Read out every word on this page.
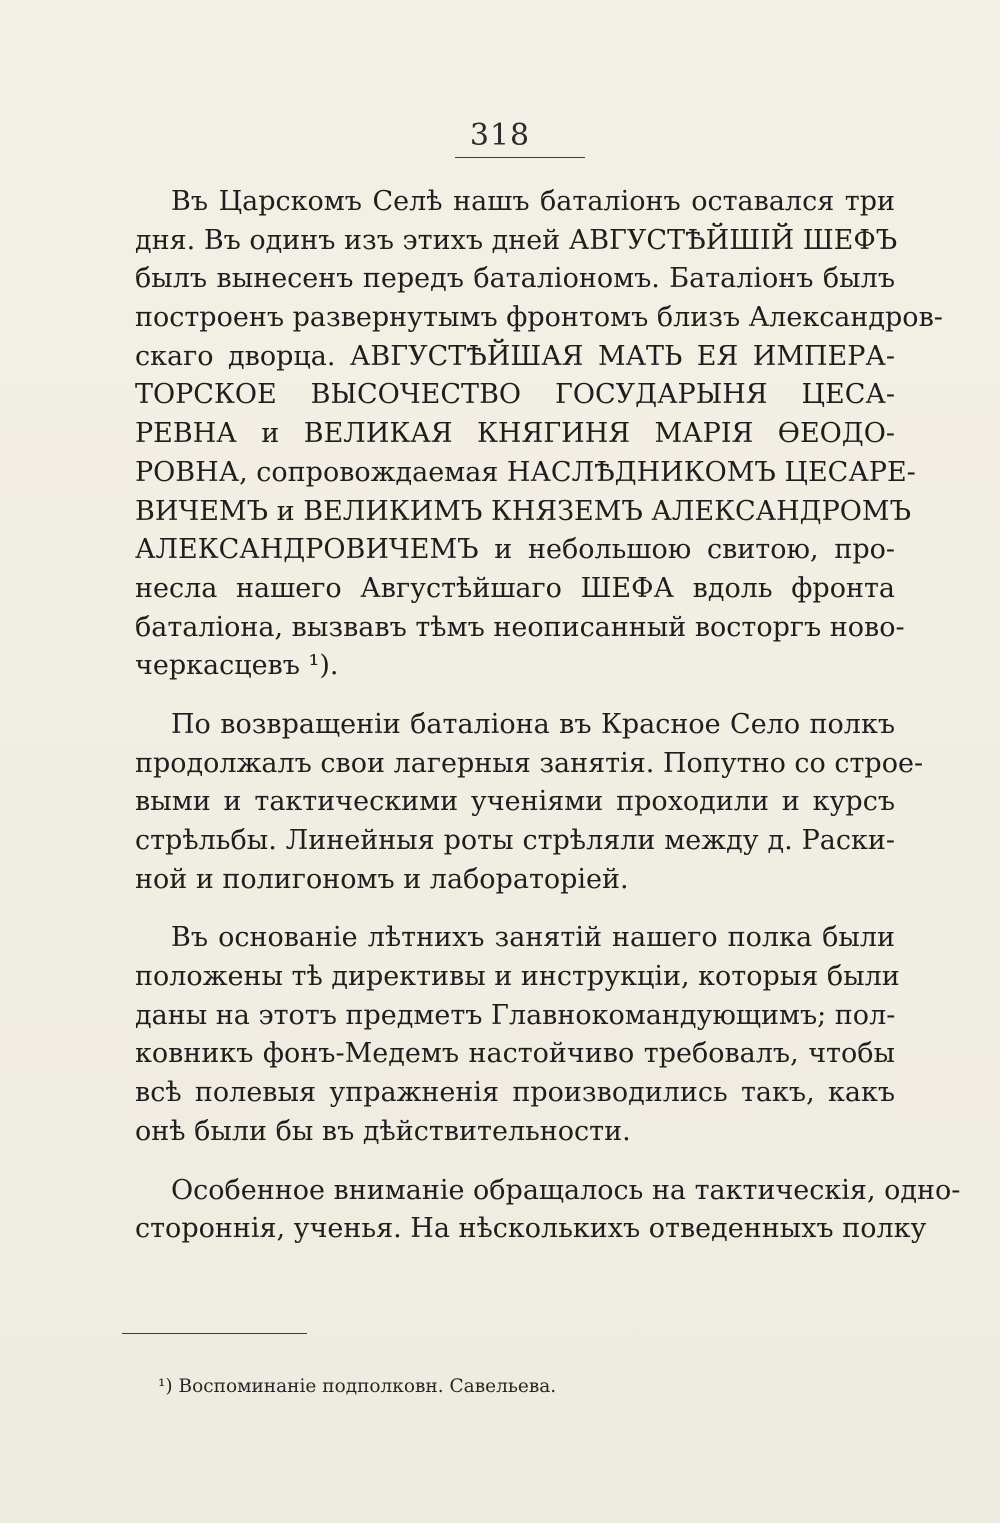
318
Въ Царскомъ Селѣ нашъ баталіонъ оставался три
дня. Въ одинъ изъ этихъ дней АВГУСТѢЙШІЙ ШЕФЪ
былъ вынесенъ передъ баталіономъ. Баталіонъ былъ
построенъ развернутымъ фронтомъ близъ Александров-
скаго дворца. АВГУСТѢЙШАЯ МАТЬ ЕЯ ИМПЕРА-
ТОРСКОЕ ВЫСОЧЕСТВО ГОСУДАРЫНЯ ЦЕСА-
РЕВНА и ВЕЛИКАЯ КНЯГИНЯ МАРІЯ ѲЕОДО-
РОВНА, сопровождаемая НАСЛѢДНИКОМЪ ЦЕСАРЕ-
ВИЧЕМЪ и ВЕЛИКИМЪ КНЯЗЕМЪ АЛЕКСАНДРОМЪ
АЛЕКСАНДРОВИЧЕМЪ и небольшою свитою, про-
несла нашего Августѣйшаго ШЕФА вдоль фронта
баталіона, вызвавъ тѣмъ неописанный восторгъ ново-
черкасцевъ ¹).
По возвращеніи баталіона въ Красное Село полкъ
продолжалъ свои лагерныя занятія. Попутно со строе-
выми и тактическими ученіями проходили и курсъ
стрѣльбы. Линейныя роты стрѣляли между д. Раски-
ной и полигономъ и лабораторіей.
Въ основаніе лѣтнихъ занятій нашего полка были
положены тѣ директивы и инструкціи, которыя были
даны на этотъ предметъ Главнокомандующимъ; пол-
ковникъ фонъ-Медемъ настойчиво требовалъ, чтобы
всѣ полевыя упражненія производились такъ, какъ
онѣ были бы въ дѣйствительности.
Особенное вниманіе обращалось на тактическія, одно-
стороннія, ученья. На нѣсколькихъ отведенныхъ полку
¹) Воспоминаніе подполковн. Савельева.
